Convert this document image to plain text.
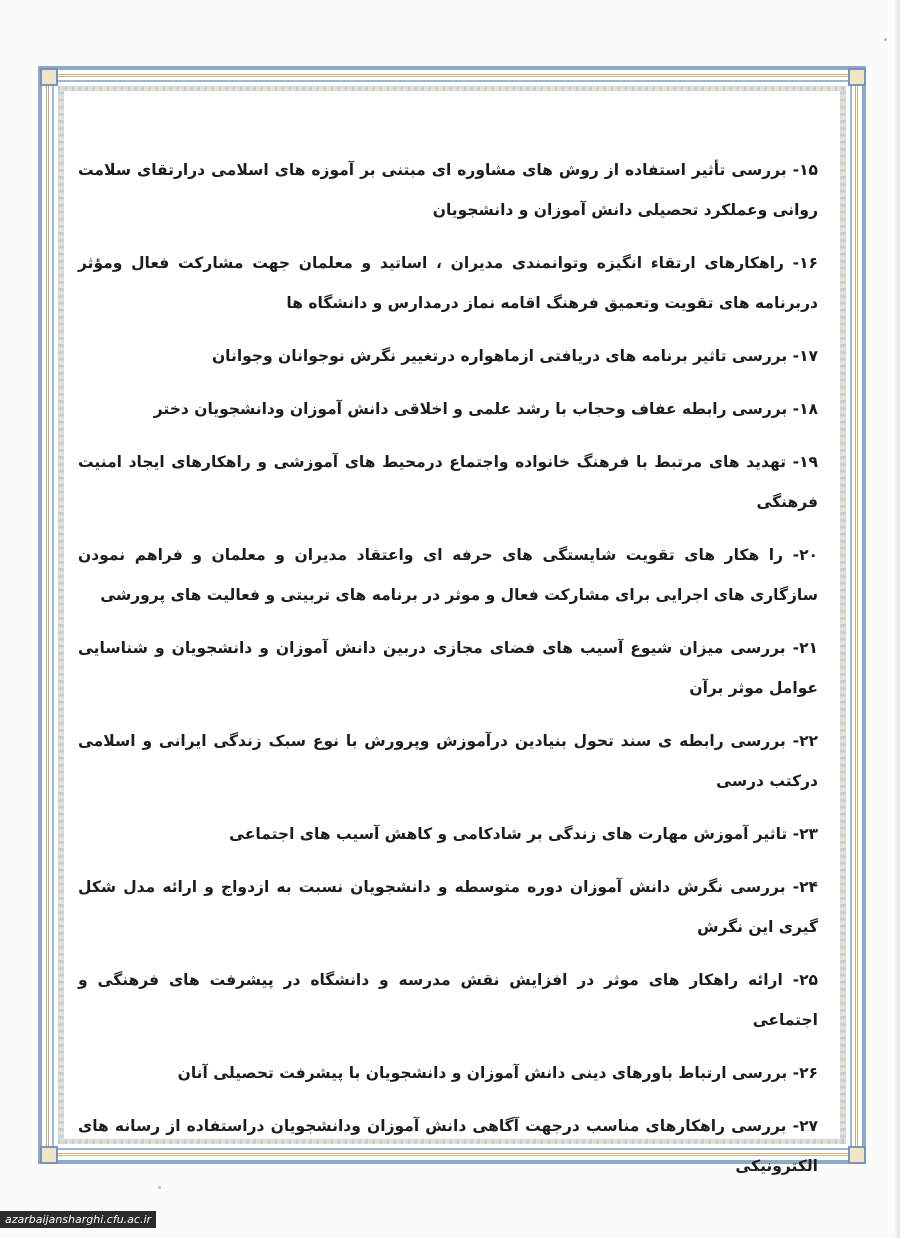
۱۵- بررسی تأثیر استفاده از روش های مشاوره ای مبتنی بر آموزه های اسلامی درارتقای سلامت روانی وعملکرد تحصیلی دانش آموزان و دانشجویان

۱۶- راهکارهای ارتقاء انگیزه وتوانمندی مدیران ، اساتید و معلمان جهت مشارکت فعال ومؤثر دربرنامه های تقویت وتعمیق فرهنگ اقامه نماز درمدارس و دانشگاه ها

۱۷- بررسی تاثیر برنامه های دریافتی ازماهواره درتغییر نگرش نوجوانان وجوانان

۱۸- بررسی رابطه عفاف وحجاب با رشد علمی و اخلاقی دانش آموزان ودانشجویان دختر

۱۹- تهدید های مرتبط با فرهنگ خانواده واجتماع درمحیط های آموزشی و راهکارهای ایجاد امنیت فرهنگی

۲۰- را هکار های تقویت شایستگی های حرفه ای واعتقاد مدیران و معلمان و فراهم نمودن سازگاری های اجرایی برای مشارکت فعال و موثر در برنامه های تربیتی و فعالیت های پرورشی

۲۱- بررسی میزان شیوع آسیب های فضای مجازی دربین دانش آموزان و دانشجویان و شناسایی عوامل موثر برآن

۲۲- بررسی رابطه ی سند تحول بنیادین درآموزش وپرورش با نوع سبک زندگی ایرانی و اسلامی درکتب درسی

۲۳- تاثیر آموزش مهارت های زندگی بر شادکامی و کاهش آسیب های اجتماعی

۲۴- بررسی نگرش دانش آموزان دوره متوسطه و دانشجویان نسبت به ازدواج و ارائه مدل شکل گیری این نگرش

۲۵- ارائه راهکار های موثر در افزایش نقش مدرسه و دانشگاه در پیشرفت های فرهنگی و اجتماعی

۲۶- بررسی ارتباط باورهای دینی دانش آموزان و دانشجویان با پیشرفت تحصیلی آنان

۲۷- بررسی راهکارهای مناسب درجهت آگاهی دانش آموزان ودانشجویان دراستفاده از رسانه های الکترونیکی

azarbaijansharghi.cfu.ac.ir
